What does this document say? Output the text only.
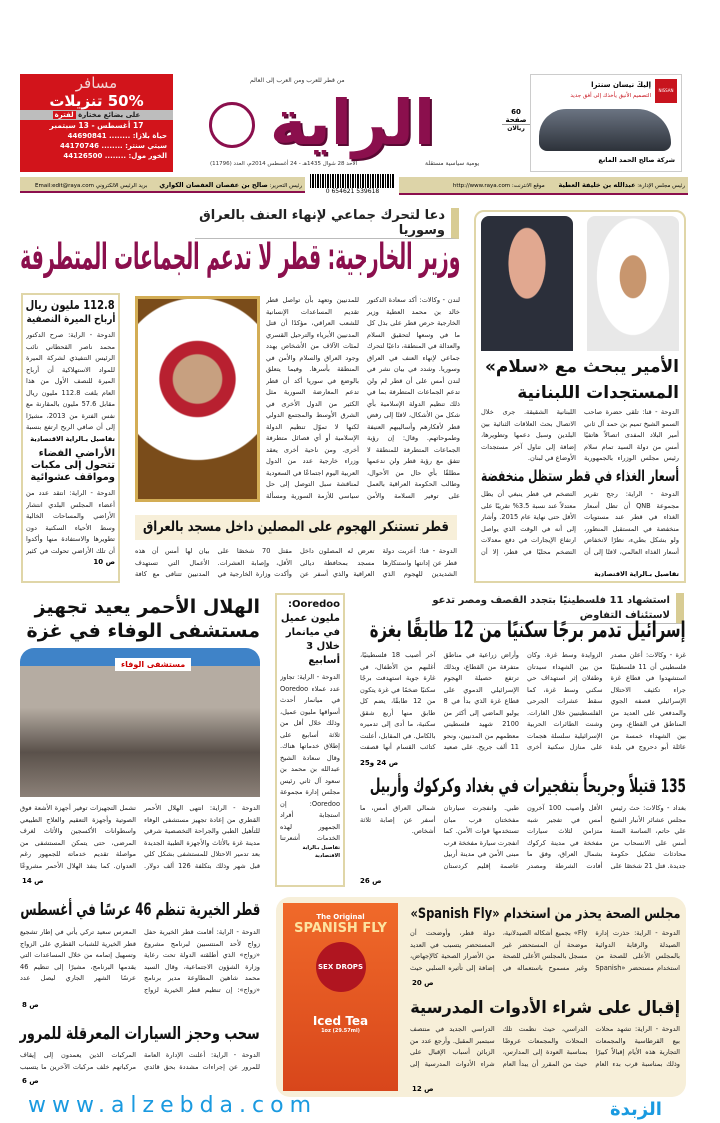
مسافر
50% تنزيلات
على بضائع مختارة لفترة
17 أغسطس - 13 سبتمبر
حياة بلازا: ........ 44690841
سيتي سنتر: ........ 44170746
الخور مول: ........ 44126500
من قطر للعرب ومن العرب إلى العالم
الراية
يومية سياسية مستقلة
الأحد 28 شوال 1435هـ - 24 أغسطس 2014م، العدد (11796)
60
صفحة
ريالان
NISSAN
إليكَ نيسان سنترا
التصميم الأنيق يأخذك إلى أفق جديد
شركة صالح الحمد المانع
رئيس مجلس الإدارة: عبدالله بن خليفة العطية موقع الانترنت: http://www.raya.com
0 654621 539618
رئيس التحرير: صالح بن عفصان العفصان الكواري بريد الرئيس الالكتروني Email:edit@raya.com
دعا لتحرك جماعي لإنهاء العنف بالعراق وسوريا
وزير الخارجية: قطر لا تدعم الجماعات المتطرفة
لندن - وكالات: أكد سعادة الدكتور خالد بن محمد العطية وزير الخارجية حرص قطر على بذل كل ما في وسعها لتحقيق السلام والعدالة في المنطقة، داعيًا لتحرك جماعي لإنهاء العنف في العراق وسوريا. وشدد في بيان نشر في لندن أمس على أن قطر لم ولن تدعم الجماعات المتطرفة بما في ذلك تنظيم الدولة الإسلامية بأي شكل من الأشكال، لافتًا إلى رفض قطر لأفكارهم وأساليبهم العنيفة وطموحاتهم. وقال: إن رؤية الجماعات المتطرفة للمنطقة لا تتفق مع رؤية قطر ولن ندعمها مطلقًا بأي حال من الأحوال، وطالب الحكومة العراقية بالعمل على توفير السلامة والأمن للمدنيين وتعهد بأن تواصل قطر تقديم المساعدات الإنسانية للشعب العراقي، مؤكدًا أن قتل المدنيين الأبرياء والترحيل القسري لمئات الآلاف من الأشخاص يهدد وجود العراق والسلام والأمن في المنطقة بأسرها. وفيما يتعلق بالوضع في سوريا أكد أن قطر تدعم المعارضة السورية مثل الكثير من الدول الأخرى في الشرق الأوسط والمجتمع الدولي لكنها لا تموّل تنظيم الدولة الإسلامية أو أي فصائل متطرفة أخرى. ومن ناحية أخرى يعقد وزراء خارجية عدد من الدول العربية اليوم اجتماعًا في السعودية لمناقشة سبل التوصل إلى حل سياسي للأزمة السورية ومسألة
قطر تستنكر الهجوم على المصلين داخل مسجد بالعراق
الدوحة - قنا: أعربت دولة قطر عن إدانتها واستنكارها الشديدين للهجوم الذي تعرض له المصلون داخل مسجد بمحافظة ديالى العراقية والذي أسفر عن مقتل 70 شخصًا على الأقل، وإصابة العشرات. وأكدت وزارة الخارجية في بيان لها أمس أن هذه الأعمال التي تستهدف المدنيين تتنافى مع كافة
112.8 مليون ريال
أرباح الميرة النصفية
الدوحة - الراية: صرح الدكتور محمد ناصر القحطاني نائب الرئيس التنفيذي لشركة الميرة للمواد الاستهلاكية أن أرباح الميرة للنصف الأول من هذا العام بلغت 112.8 مليون ريال مقابل 57.6 مليون بالمقارنة مع نفس الفترة من 2013، مشيرًا إلى أن صافي الربح ارتفع بنسبة
تفاصيل بـالراية الاقتصادية
الأراضي الفضاء تتحول إلى مكبات ومواقف عشوائية
الدوحة - الراية: انتقد عدد من أعضاء المجلس البلدي انتشار الأراضي والمساحات الخالية وسط الأحياء السكنية دون تطويرها والاستفادة منها وأكدوا أن تلك الأراضي تحولت في كثير
ص 10
الأمير يبحث مع «سلام»
المستجدات اللبنانية
الدوحة - قنا: تلقى حضرة صاحب السمو الشيخ تميم بن حمد آل ثاني أمير البلاد المفدى اتصالاً هاتفيًا أمس من دولة السيد تمام سلام رئيس مجلس الوزراء بالجمهورية اللبنانية الشقيقة. جرى خلال الاتصال بحث العلاقات الثنائية بين البلدين وسبل دعمها وتطويرها، إضافة إلى تناول آخر مستجدات الأوضاع في لبنان.
أسعار الغذاء في قطر ستظل منخفضة
الدوحة - الراية: رجح تقرير مجموعة QNB أن تظل أسعار الغذاء في قطر عند مستويات منخفضة في المستقبل المنظور، ولو بشكل بطيء، نظرًا لانخفاض أسعار الغذاء العالمي، لافتًا إلى أن التضخم في قطر ينبغي أن يظل معتدلاً عند نسبة 3.5% تقريبًا على الأقل حتى نهاية عام 2015. وأشار إلى أنه في الوقت الذي يواصل ارتفاع الإيجارات في دفع معدلات التضخم محليًا في قطر، إلا أن
تفاصيل بـالراية الاقتصادية
استشهاد 11 فلسطينيًا بتجدد القصف ومصر تدعو لاستئناف التفاوض
إسرائيل تدمر برجًا سكنيًا من 12 طابقًا بغزة
غزة - وكالات: أعلن مصدر فلسطيني أن 11 فلسطينيًا استشهدوا في قطاع غزة جراء تكثيف الاحتلال الإسرائيلي قصفه الجوي والمدفعي على العديد من المناطق في القطاع، ومن بين الشهداء خمسة من عائلة أبو دحروج في بلدة الزوايدة وسط غزة. وكان من بين الشهداء سيدتان وطفلان إثر استهداف حي سكني وسط غزة، كما سقط عشرات الجرحى الفلسطينيين خلال الغارات. وشنت الطائرات الحربية الإسرائيلية سلسلة هجمات على منازل سكنية أخرى وأراض زراعية في مناطق متفرقة من القطاع، وبذلك ترتفع حصيلة الهجوم الإسرائيلي الدموي على قطاع غزة الذي بدأ في 8 يوليو الماضي إلى أكثر من 2100 شهيد فلسطيني معظمهم من المدنيين، ونحو 11 ألف جريح. على صعيد آخر أصيب 18 فلسطينيًا، أغلبهم من الأطفال، في غارة جوية استهدفت برجًا سكنيًا ضخمًا في غزة يتكون من 12 طابقًا، يضم كل طابق منها أربع شقق سكنية، ما أدى إلى تدميره بالكامل. في المقابل، أعلنت كتائب القسام أنها قصفت
ص 24 و25
الهلال الأحمر يعيد تجهيز
مستشفى الوفاء في غزة
مستشفى الوفاء
الدوحة - الراية: انتهى الهلال الأحمر القطري من إعادة تجهيز مستشفى الوفاء للتأهيل الطبي والجراحة التخصصية شرقي مدينة غزة بالأثاث والأجهزة الطبية الجديدة بعد تدمير الاحتلال للمستشفى بشكل كلي قبل شهر وذلك بتكلفة 126 ألف دولار. تشمل التجهيزات توفير أجهزة الأشعة فوق الصوتية وأجهزة التعقيم والعلاج الطبيعي واسطوانات الأكسجين والأثاث لغرف المرضى، حتى يتمكن المستشفى من مواصلة تقديم خدماته للجمهور رغم العدوان. كما ينفذ الهلال الأحمر مشروعًا
ص 14
Ooredoo: مليون عميل في ميانمار خلال 3 أسابيع
الدوحة - الراية: تجاوز عدد عملاء Ooredoo في ميانمار أحدث أسواقها مليون عميل، وذلك خلال أقل من ثلاثة أسابيع على إطلاق خدماتها هناك. وقال سعادة الشيخ عبدالله بن محمد بن سعود آل ثاني رئيس مجلس إدارة مجموعة Ooredoo: إن استجابة أفراد الجمهور لهذه الخدمات أشعرتنا
تفاصيل بـالراية الاقتصادية
135 قتيلاً وجريحاً بتفجيرات في بغداد وكركوك وأربيل
بغداد - وكالات: حث رئيس مجلس عشائر الأنبار الشيخ علي حاتم، الساسة السنة أمس على الانسحاب من محادثات تشكيل حكومة جديدة. قتل 21 شخصًا على الأقل وأصيب 100 آخرون أمس في تفجير شبه متزامن لثلاث سيارات مفخخة في مدينة كركوك بشمال العراق، وفق ما أفادت الشرطة ومصدر طبي. وانفجرت سيارتان مفخختان قرب مبان تستخدمها قوات الأمن. كما انفجرت سيارة مفخخة قرب مبنى الأمن في مدينة أربيل عاصمة إقليم كردستان شمالي العراق أمس، ما أسفر عن إصابة ثلاثة أشخاص.
ص 26
قطر الخيرية تنظم 46 عرسًا في أغسطس
الدوحة - الراية: أقامت قطر الخيرية حفل زواج لأحد المنتسبين لبرنامج مشروع «زواج» الذي أطلقته الدولة تحت رعاية وزارة الشؤون الاجتماعية، وقال السيد محمد شاهين المطاوعة مدير برنامج «زواج»: إن تنظيم قطر الخيرية لزواج المعرس سعيد تركي يأتي في إطار تشجيع قطر الخيرية للشباب القطري على الزواج وتسهيل إتمامه من خلال المساعدات التي يقدمها البرنامج، مشيرًا إلى تنظيم 46 عرسًا الشهر الجاري ليصل عدد
ص 8
سحب وحجز السيارات المعرقلة للمرور
الدوحة - الراية: أعلنت الإدارة العامة للمرور عن إجراءات مشددة بحق قائدي المركبات الذين يعمدون إلى إيقاف مركباتهم خلف مركبات الآخرين ما يتسبب
ص 6
The Original
SPANISH FLY
SEX DROPS
Iced Tea
1oz (29.57ml)
مجلس الصحة يحذر من استخدام «Spanish Fly»
الدوحة - الراية: حذرت إدارة الصيدلة والرقابة الدوائية بالمجلس الأعلى للصحة من استخدام مستحضر «Spanish Fly» بجميع أشكاله الصيدلانية، موضحة أن المستحضر غير مسجل بالمجلس الأعلى للصحة وغير مسموح باستعماله في دولة قطر، وأوضحت أن المستحضر يتسبب في العديد من الأضرار الصحية كالإجهاض، إضافة إلى تأثيره السلبي حيث
ص 20
إقبال على شراء الأدوات المدرسية
الدوحة - الراية: تشهد محلات بيع القرطاسية والمجمعات التجارية هذه الأيام إقبالاً كبيرًا وذلك بمناسبة قرب بدء العام الدراسي، حيث نظمت تلك المحلات والمجمعات عروضًا بمناسبة العودة إلى المدارس، حيث من المقرر أن يبدأ العام الدراسي الجديد في منتصف سبتمبر المقبل. وأرجع عدد من الزبائن أسباب الإقبال على شراء الأدوات المدرسية إلى
ص 12
www.alzebda.com	الزبدة
